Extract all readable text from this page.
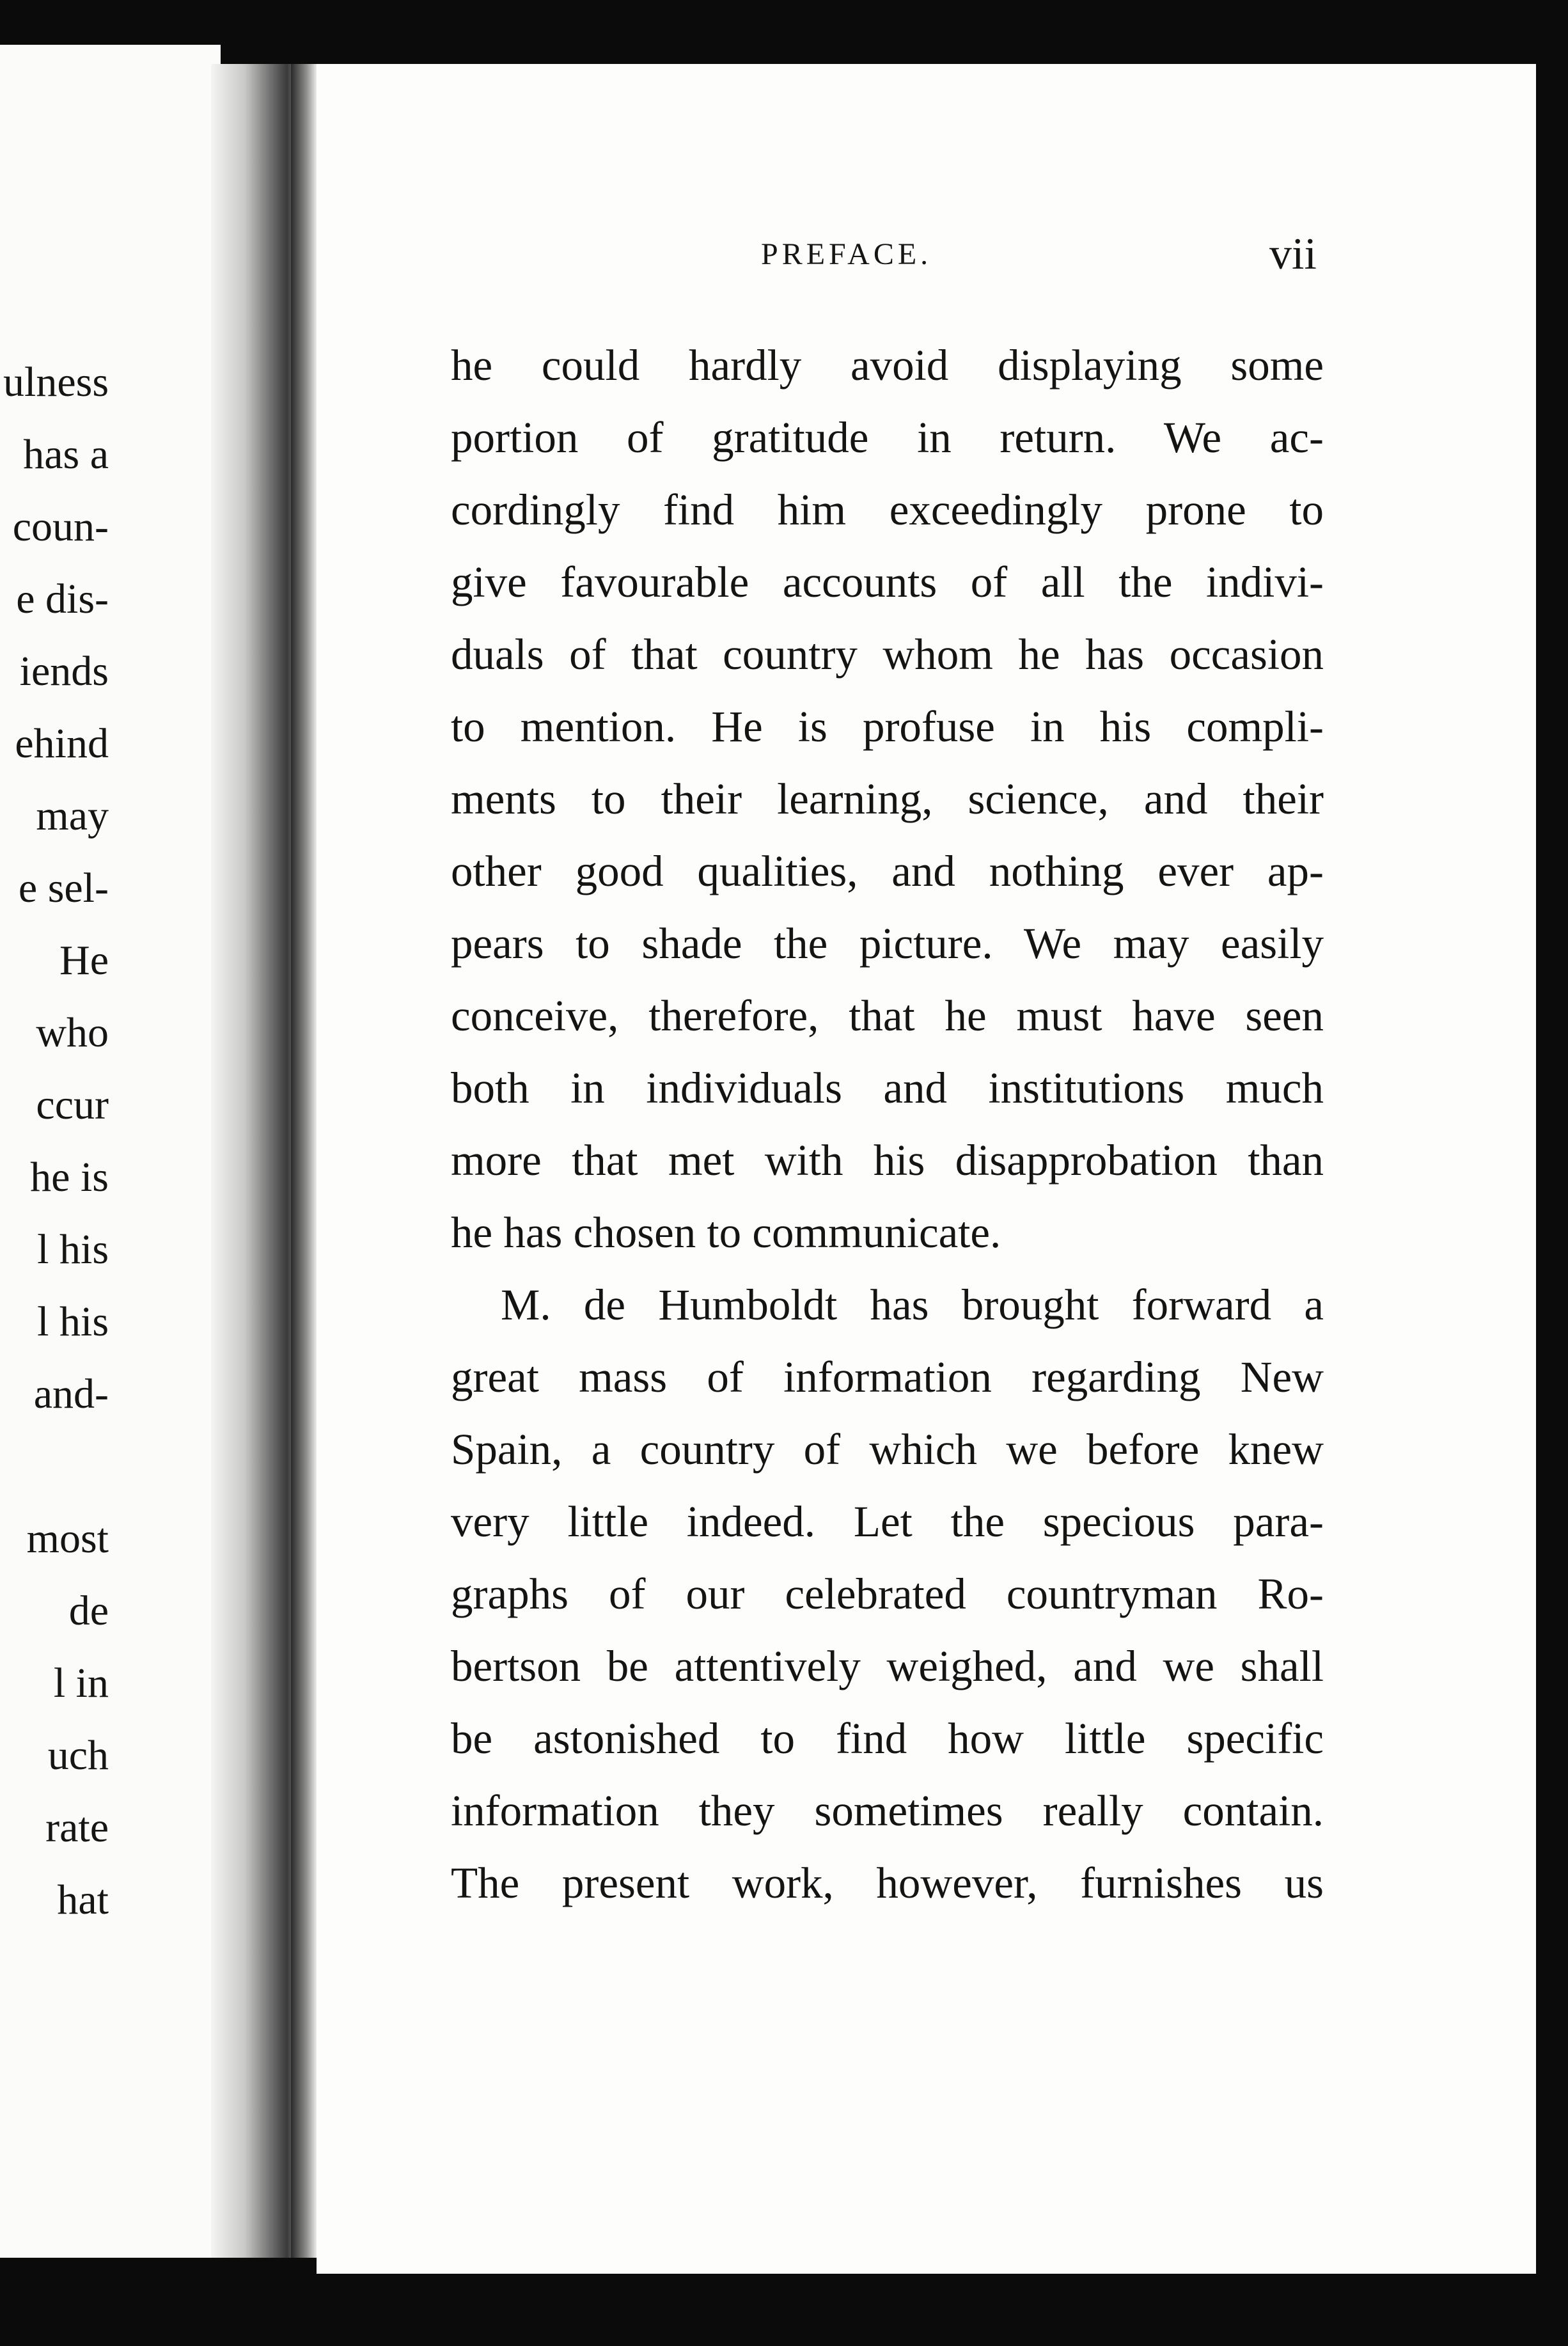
ulness
has a
coun-
e dis-
iends
ehind
may
e sel-
He
who
ccur
he is
l his
l his
and-
most
de
l in
uch
rate
hat
PREFACE.	vii
he could hardly avoid displaying some
portion of gratitude in return. We ac-
cordingly find him exceedingly prone to
give favourable accounts of all the indivi-
duals of that country whom he has occasion
to mention. He is profuse in his compli-
ments to their learning, science, and their
other good qualities, and nothing ever ap-
pears to shade the picture. We may easily
conceive, therefore, that he must have seen
both in individuals and institutions much
more that met with his disapprobation than
he has chosen to communicate.
M. de Humboldt has brought forward a
great mass of information regarding New
Spain, a country of which we before knew
very little indeed. Let the specious para-
graphs of our celebrated countryman Ro-
bertson be attentively weighed, and we shall
be astonished to find how little specific
information they sometimes really contain.
The present work, however, furnishes us
